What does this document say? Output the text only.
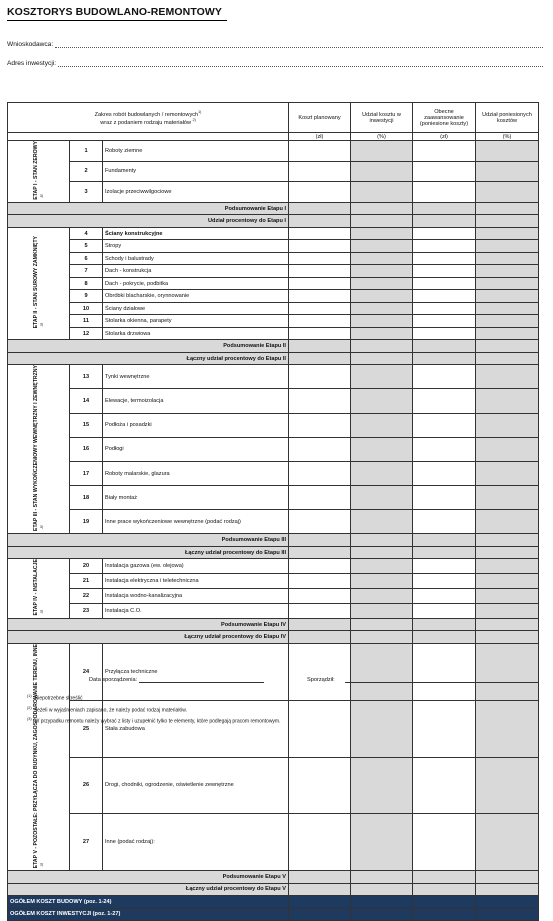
KOSZTORYS BUDOWLANO-REMONTOWY
Wnioskodawca:
Adres inwestycji:
Zakres robót budowlanych / remontowych$^{1)}$
wraz z podaniem rodzaju materiałów $^{2)}$			Koszt planowany	Udział kosztu w inwestycji	Obecne zaawansowanie (poniesione koszty)	Udział poniesionych kosztów
			(zł)	(%)	(zł)	(%)
ETAP I - STAN ZEROWY$^{3)}$	1	Roboty ziemne				
	2	Fundamenty				
	3	Izolacje przeciwwilgociowe				
Podsumowanie Etapu I						
Udział procentowy do Etapu I						
ETAP II - STAN SUROWY ZAMKNIĘTY$^{3)}$	4	Ściany konstrukcyjne				
	5	Stropy				
	6	Schody i balustrady				
	7	Dach - konstrukcja				
	8	Dach - pokrycie, podbitka				
	9	Obróbki blacharskie, orynnowanie				
	10	Ściany działowe				
	11	Stolarka okienna, parapety				
	12	Stolarka drzwiowa				
Podsumowanie Etapu II						
Łączny udział procentowy do Etapu II						
ETAP III - STAN WYKOŃCZENIOWY WEWNĘTRZNY I ZEWNĘTRZNY$^{3)}$	13	Tynki wewnętrzne				
	14	Elewacje, termoizolacja				
	15	Podłoża i posadzki				
	16	Podłogi				
	17	Roboty malarskie, glazura				
	18	Biały montaż				
	19	Inne prace wykończeniowe wewnętrzne (podać rodzaj)				
Podsumowanie Etapu III						
Łączny udział procentowy do Etapu III						
ETAP IV - INSTALACJE$^{3)}$	20	Instalacja gazowa (ew. olejowa)				
	21	Instalacja elektryczna i teletechniczna				
	22	Instalacja wodno-kanalizacyjna				
	23	Instalacja C.O.				
Podsumowanie Etapu IV						
Łączny udział procentowy do Etapu IV						
ETAP V - POZOSTAŁE: PRZYŁĄCZA DO BUDYNKU, ZAGOSPODAROWANIE TERENU, INNE$^{3)}$	24	Przyłącza techniczne				
	25	Stała zabudowa				
	26	Drogi, chodniki, ogrodzenie, oświetlenie zewnętrzne				
	27	Inne (podać rodzaj):				
Podsumowanie Etapu V						
Łączny udział procentowy do Etapu V						
OGÓŁEM KOSZT BUDOWY (poz. 1-24)						
OGÓŁEM KOSZT INWESTYCJI (poz. 1-27)						
Data sporządzenia:	Sporządził:
$^{(1)}$ Niepotrzebne skreślić
$^{(2)}$ Jeżeli w wyjaśnieniach zapisano, że należy podać rodzaj materiałów.
$^{(3)}$ W przypadku remontu należy wybrać z listy i uzupełnić tylko te elementy, które podlegają pracom remontowym.
